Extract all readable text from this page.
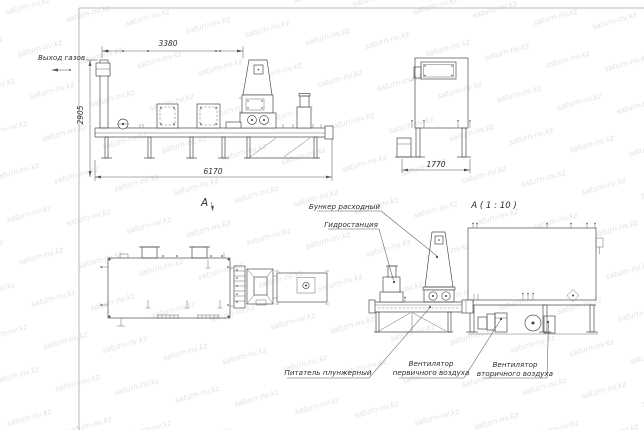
Выход газов
3380
2905
6170
1770
А	А ( 1 : 10 )
Бункер расходный
Гидростанция
Питатель плунжерный
Вентилятор
первичного воздуха
Вентилятор
вторичного воздуха
